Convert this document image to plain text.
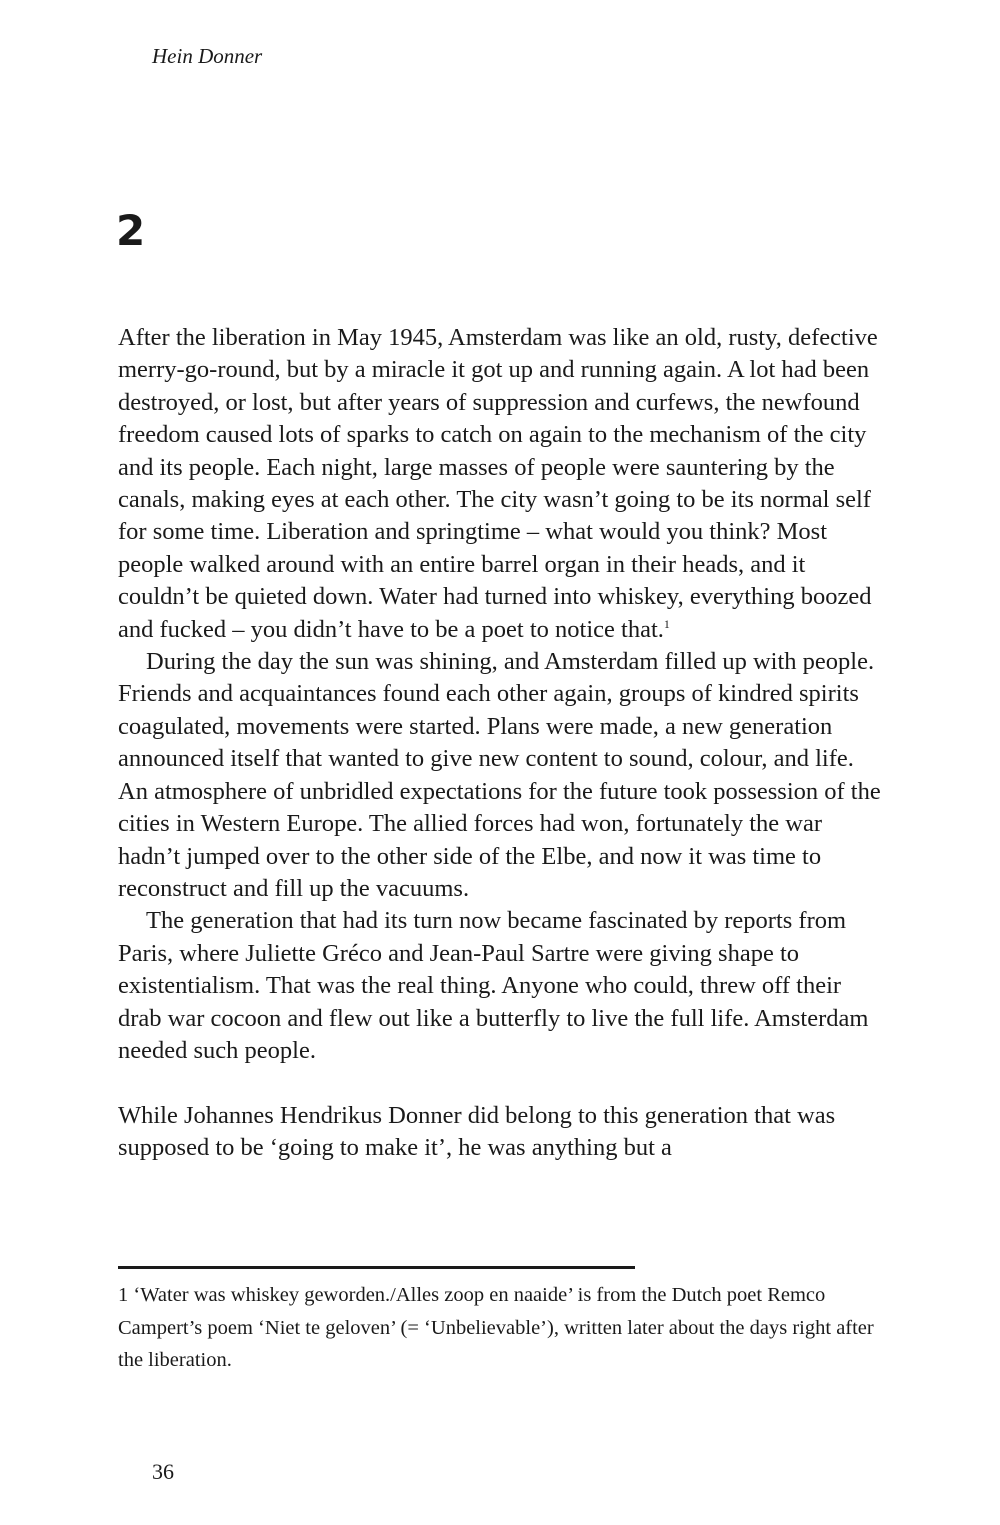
Hein Donner
2

After the liberation in May 1945, Amsterdam was like an old, rusty, defective merry-go-round, but by a miracle it got up and running again. A lot had been destroyed, or lost, but after years of suppression and curfews, the newfound freedom caused lots of sparks to catch on again to the mechanism of the city and its people. Each night, large masses of people were sauntering by the canals, making eyes at each other. The city wasn’t going to be its normal self for some time. Liberation and springtime – what would you think? Most people walked around with an entire barrel organ in their heads, and it couldn’t be quieted down. Water had turned into whiskey, everything boozed and fucked – you didn’t have to be a poet to notice that.$^1$

During the day the sun was shining, and Amsterdam filled up with people. Friends and acquaintances found each other again, groups of kindred spirits coagulated, movements were started. Plans were made, a new generation announced itself that wanted to give new content to sound, colour, and life. An atmosphere of unbridled expectations for the future took possession of the cities in Western Europe. The allied forces had won, fortunately the war hadn’t jumped over to the other side of the Elbe, and now it was time to reconstruct and fill up the vacuums.

The generation that had its turn now became fascinated by reports from Paris, where Juliette Gréco and Jean-Paul Sartre were giving shape to existentialism. That was the real thing. Anyone who could, threw off their drab war cocoon and flew out like a butterfly to live the full life. Amsterdam needed such people.

While Johannes Hendrikus Donner did belong to this generation that was supposed to be ‘going to make it’, he was anything but a

1 ‘Water was whiskey geworden./Alles zoop en naaide’ is from the Dutch poet Remco Campert’s poem ‘Niet te geloven’ (= ‘Unbelievable’), written later about the days right after the liberation.
36
